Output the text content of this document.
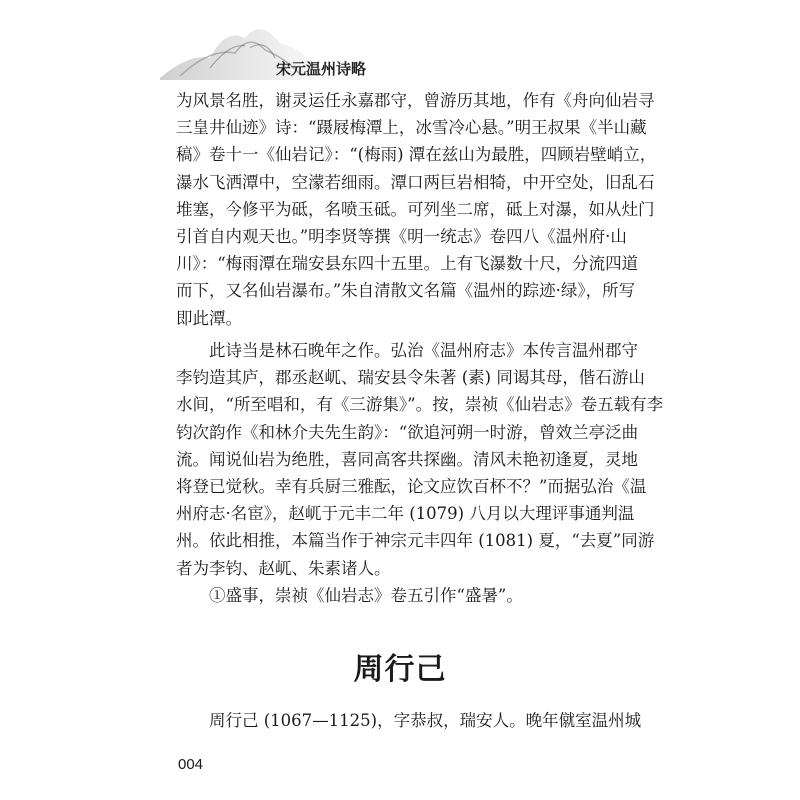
宋元温州诗略
为风景名胜，谢灵运任永嘉郡守，曾游历其地，作有《舟向仙岩寻
三皇井仙迹》诗：“蹑屐梅潭上，冰雪冷心悬。”明王叔果《半山藏
稿》卷十一《仙岩记》：“(梅雨) 潭在兹山为最胜，四顾岩壁峭立，
瀑水飞洒潭中，空濛若细雨。潭口两巨岩相犄，中开空处，旧乱石
堆塞，今修平为砥，名喷玉砥。可列坐二席，砥上对瀑，如从灶门
引首自内观天也。”明李贤等撰《明一统志》卷四八《温州府·山
川》：“梅雨潭在瑞安县东四十五里。上有飞瀑数十尺，分流四道
而下，又名仙岩瀑布。”朱自清散文名篇《温州的踪迹·绿》，所写
即此潭。
　　此诗当是林石晚年之作。弘治《温州府志》本传言温州郡守
李钧造其庐，郡丞赵屼、瑞安县令朱著 (素) 同谒其母，偕石游山
水间，“所至唱和，有《三游集》”。按，崇祯《仙岩志》卷五载有李
钧次韵作《和林介夫先生韵》：“欲追河朔一时游，曾效兰亭泛曲
流。闻说仙岩为绝胜，喜同高客共探幽。清风未艳初逢夏，灵地
将登已觉秋。幸有兵厨三雅酝，论文应饮百杯不？”而据弘治《温
州府志·名宦》，赵屼于元丰二年 (1079) 八月以大理评事通判温
州。依此相推，本篇当作于神宗元丰四年 (1081) 夏，“去夏”同游
者为李钧、赵屼、朱素诸人。
　　①盛事，崇祯《仙岩志》卷五引作“盛暑”。
周行己
　　周行己 (1067—1125)，字恭叔，瑞安人。晚年僦室温州城
004
